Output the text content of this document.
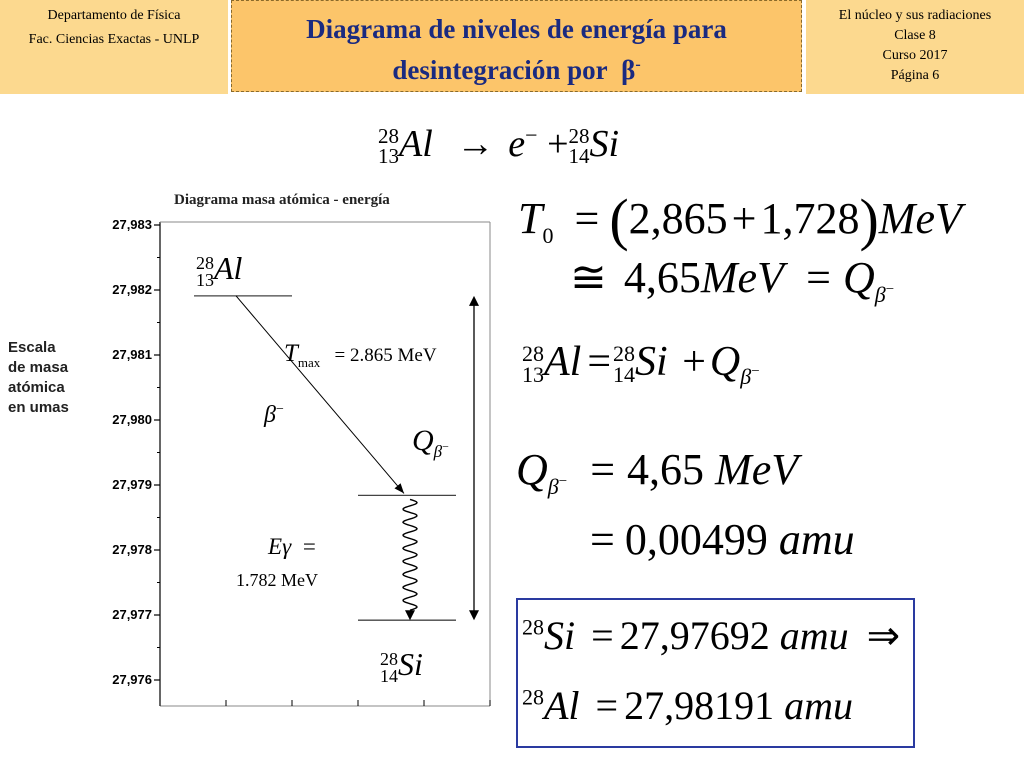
Departamento de Física
Fac. Ciencias Exactas - UNLP	Diagrama de niveles de energía para
desintegración por β-
El núcleo y sus radiaciones
Clase 8
Curso 2017
Página 6
28
13Al → e− +28
14Si
Diagrama masa atómica - energía
Escala
de masa
atómica
en umas
28
13Al
28
14Si
$T_{max} = 2.865$ MeV
β−
$Q_{\beta^-}$
Eγ =
1.782 MeV
27,983
27,982
27,981
27,980
27,979
27,978
27,977
27,976
$T_0 = (2,865+1,728)MeV$
≅ $4,65MeV = Q_{\beta^-}$
28
13Al =28
$14Si +Q_{\beta^-}$
$Q_{\beta^-} = 4,65$ MeV
= 0,00499 amu
$^{28}$Si = 27,97692 amu ⇒
$^{28}$Al = 27,98191 amu
